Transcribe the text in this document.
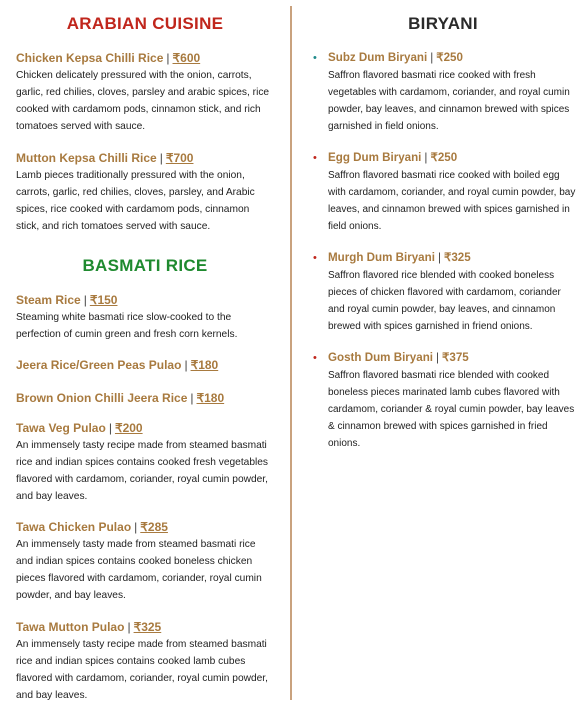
ARABIAN CUISINE
Chicken Kepsa Chilli Rice | ₹600
Chicken delicately pressured with the onion, carrots, garlic, red chilies, cloves, parsley and arabic spices, rice cooked with cardamom pods, cinnamon stick, and rich tomatoes served with sauce.
Mutton Kepsa Chilli Rice | ₹700
Lamb pieces traditionally pressured with the onion, carrots, garlic, red chilies, cloves, parsley, and Arabic spices, rice cooked with cardamom pods, cinnamon stick, and rich tomatoes served with sauce.
BASMATI RICE
Steam Rice | ₹150
Steaming white basmati rice slow-cooked to the perfection of cumin green and fresh corn kernels.
Jeera Rice/Green Peas Pulao | ₹180
Brown Onion Chilli Jeera Rice | ₹180
Tawa Veg Pulao | ₹200
An immensely tasty recipe made from steamed basmati rice and indian spices contains cooked fresh vegetables flavored with cardamom, coriander, royal cumin powder, and bay leaves.
Tawa Chicken Pulao | ₹285
An immensely tasty made from steamed basmati rice and indian spices contains cooked boneless chicken pieces flavored with cardamom, coriander, royal cumin powder, and bay leaves.
Tawa Mutton Pulao | ₹325
An immensely tasty recipe made from steamed basmati rice and indian spices contains cooked lamb cubes flavored with cardamom, coriander, royal cumin powder, and bay leaves.
BIRYANI
• Subz Dum Biryani | ₹250
Saffron flavored basmati rice cooked with fresh vegetables with cardamom, coriander, and royal cumin powder, bay leaves, and cinnamon brewed with spices garnished in field onions.
• Egg Dum Biryani | ₹250
Saffron flavored basmati rice cooked with boiled egg with cardamom, coriander, and royal cumin powder, bay leaves, and cinnamon brewed with spices garnished in field onions.
• Murgh Dum Biryani | ₹325
Saffron flavored rice blended with cooked boneless pieces of chicken flavored with cardamom, coriander and royal cumin powder, bay leaves, and cinnamon brewed with spices garnished in friend onions.
• Gosth Dum Biryani | ₹375
Saffron flavored basmati rice blended with cooked boneless pieces marinated lamb cubes flavored with cardamom, coriander & royal cumin powder, bay leaves & cinnamon brewed with spices garnished in fried onions.
